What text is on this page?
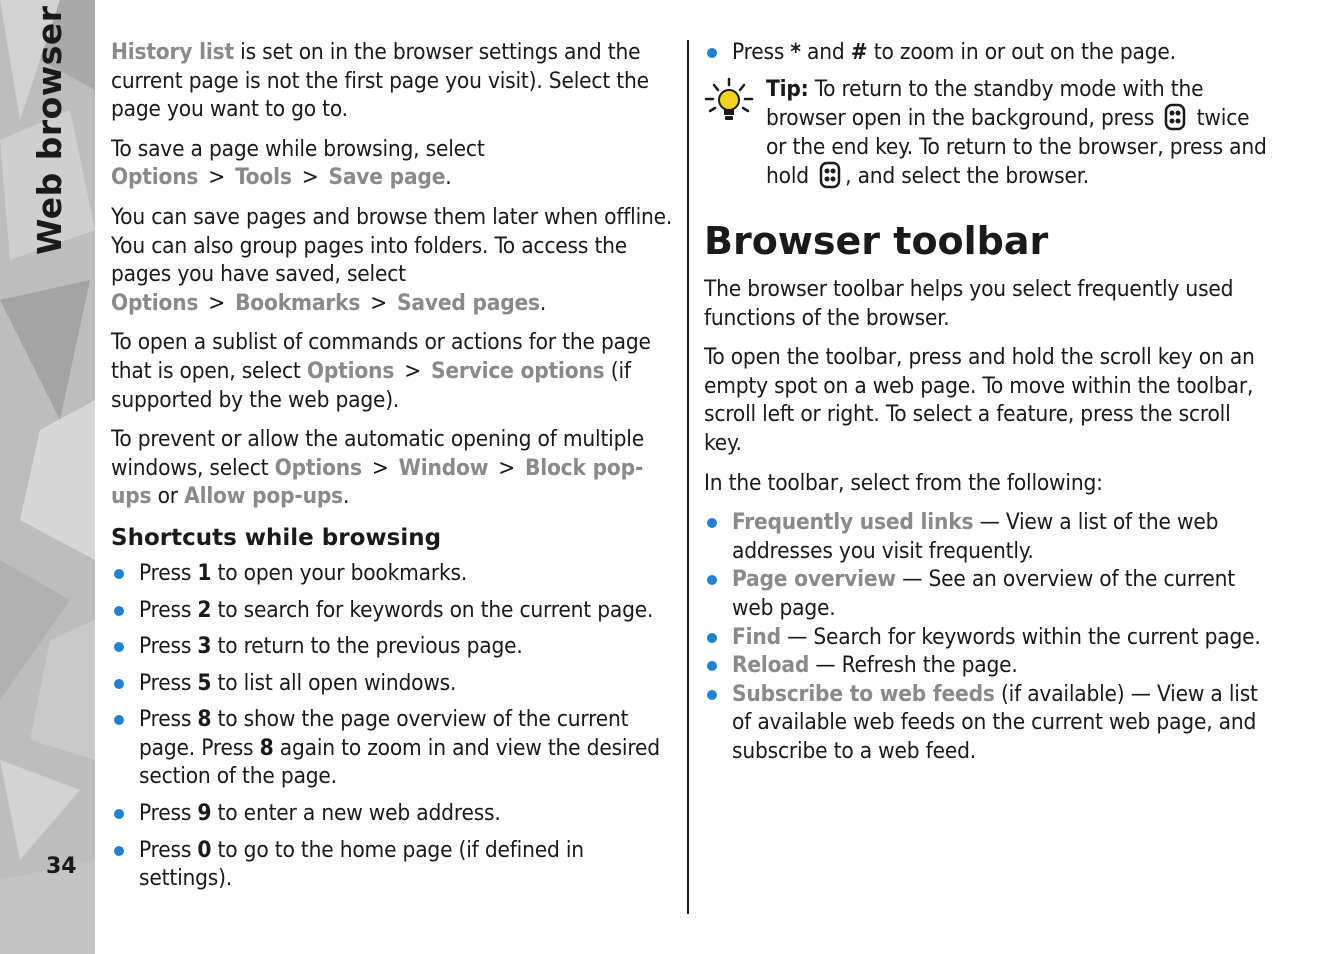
Web browser
34

History list is set on in the browser settings and the current page is not the first page you visit). Select the page you want to go to.

To save a page while browsing, select Options > Tools > Save page.

You can save pages and browse them later when offline. You can also group pages into folders. To access the pages you have saved, select Options > Bookmarks > Saved pages.

To open a sublist of commands or actions for the page that is open, select Options > Service options (if supported by the web page).

To prevent or allow the automatic opening of multiple windows, select Options > Window > Block pop-ups or Allow pop-ups.

Shortcuts while browsing
Press 1 to open your bookmarks.
Press 2 to search for keywords on the current page.
Press 3 to return to the previous page.
Press 5 to list all open windows.
Press 8 to show the page overview of the current page. Press 8 again to zoom in and view the desired section of the page.
Press 9 to enter a new web address.
Press 0 to go to the home page (if defined in settings).
Press * and # to zoom in or out on the page.

Tip: To return to the standby mode with the browser open in the background, press  twice or the end key. To return to the browser, press and hold , and select the browser.

Browser toolbar

The browser toolbar helps you select frequently used functions of the browser.

To open the toolbar, press and hold the scroll key on an empty spot on a web page. To move within the toolbar, scroll left or right. To select a feature, press the scroll key.

In the toolbar, select from the following:

Frequently used links — View a list of the web addresses you visit frequently.
Page overview — See an overview of the current web page.
Find — Search for keywords within the current page.
Reload — Refresh the page.
Subscribe to web feeds (if available) — View a list of available web feeds on the current web page, and subscribe to a web feed.
